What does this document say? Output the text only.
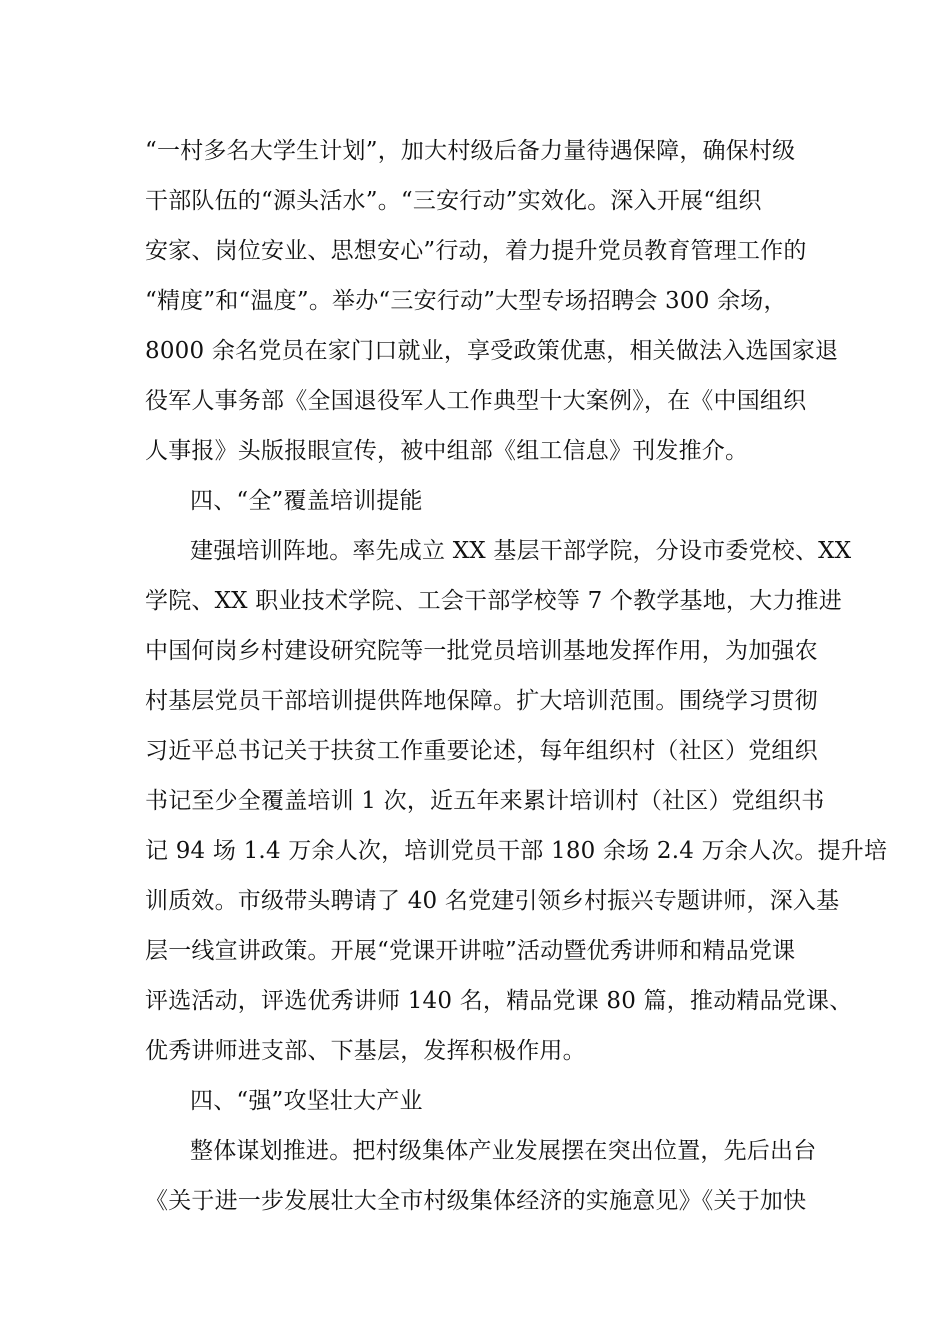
“一村多名大学生计划”，加大村级后备力量待遇保障，确保村级
干部队伍的“源头活水”。“三安行动”实效化。深入开展“组织
安家、岗位安业、思想安心”行动，着力提升党员教育管理工作的
“精度”和“温度”。举办“三安行动”大型专场招聘会 300 余场，
8000 余名党员在家门口就业，享受政策优惠，相关做法入选国家退
役军人事务部《全国退役军人工作典型十大案例》，在《中国组织
人事报》头版报眼宣传，被中组部《组工信息》刊发推介。
四、“全”覆盖培训提能
建强培训阵地。率先成立 XX 基层干部学院，分设市委党校、XX
学院、XX 职业技术学院、工会干部学校等 7 个教学基地，大力推进
中国何岗乡村建设研究院等一批党员培训基地发挥作用，为加强农
村基层党员干部培训提供阵地保障。扩大培训范围。围绕学习贯彻
习近平总书记关于扶贫工作重要论述，每年组织村（社区）党组织
书记至少全覆盖培训 1 次，近五年来累计培训村（社区）党组织书
记 94 场 1.4 万余人次，培训党员干部 180 余场 2.4 万余人次。提升培
训质效。市级带头聘请了 40 名党建引领乡村振兴专题讲师，深入基
层一线宣讲政策。开展“党课开讲啦”活动暨优秀讲师和精品党课
评选活动，评选优秀讲师 140 名，精品党课 80 篇，推动精品党课、
优秀讲师进支部、下基层，发挥积极作用。
四、“强”攻坚壮大产业
整体谋划推进。把村级集体产业发展摆在突出位置，先后出台
《关于进一步发展壮大全市村级集体经济的实施意见》《关于加快
